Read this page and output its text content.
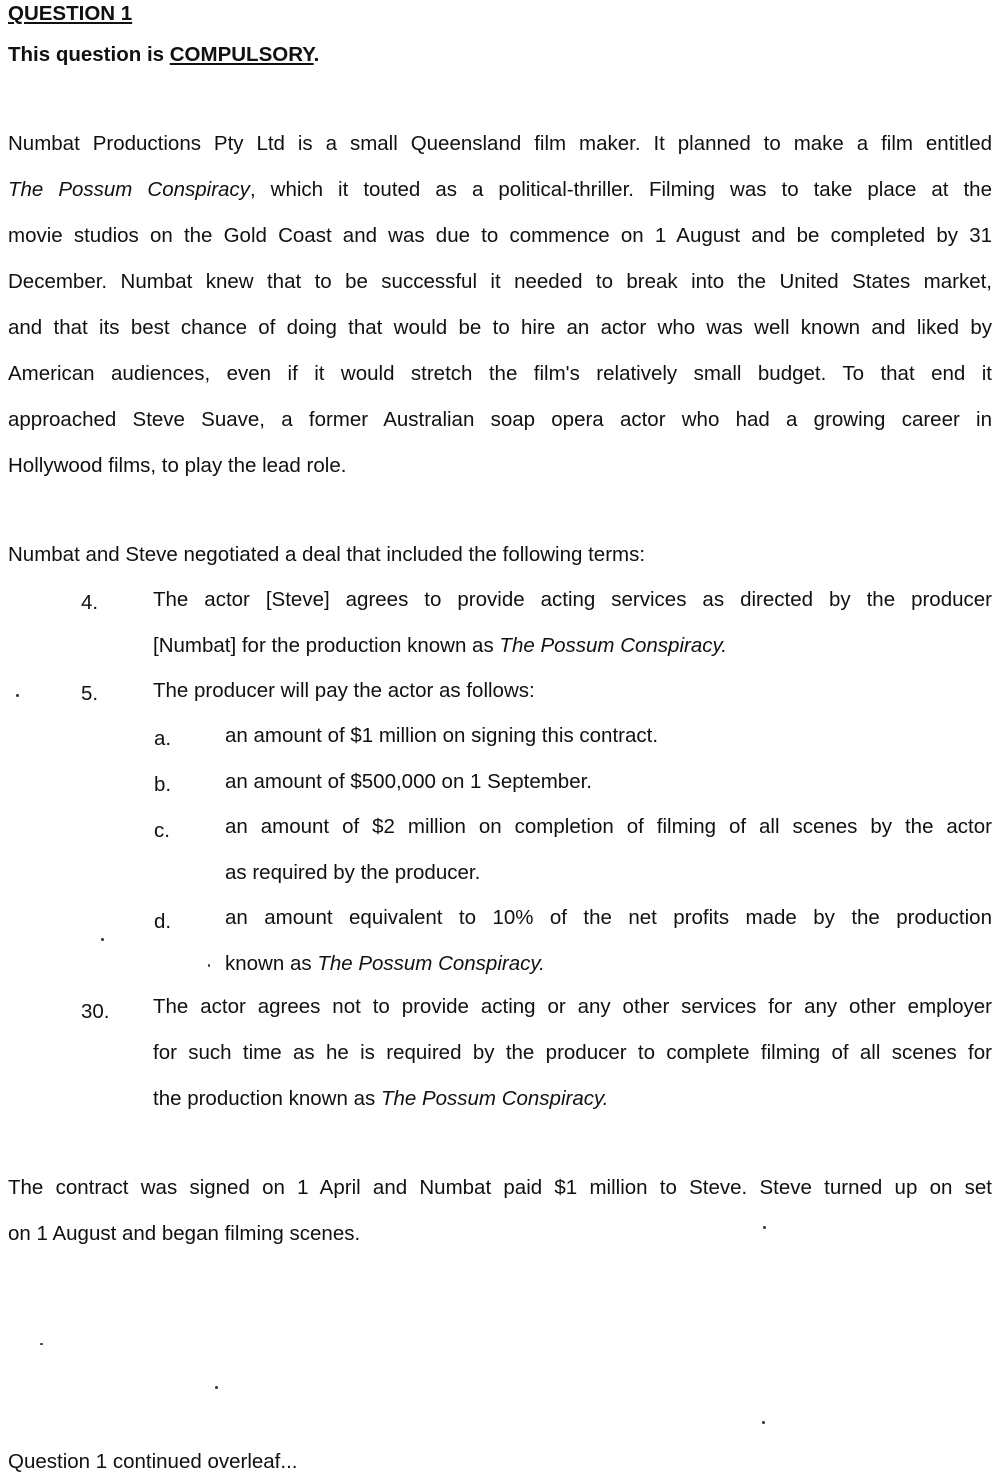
QUESTION 1
This question is COMPULSORY.
Numbat Productions Pty Ltd is a small Queensland film maker. It planned to make a film entitled
The Possum Conspiracy, which it touted as a political-thriller. Filming was to take place at the
movie studios on the Gold Coast and was due to commence on 1 August and be completed by 31
December. Numbat knew that to be successful it needed to break into the United States market,
and that its best chance of doing that would be to hire an actor who was well known and liked by
American audiences, even if it would stretch the film's relatively small budget. To that end it
approached Steve Suave, a former Australian soap opera actor who had a growing career in
Hollywood films, to play the lead role.
Numbat and Steve negotiated a deal that included the following terms:
4.	The actor [Steve] agrees to provide acting services as directed by the producer
[Numbat] for the production known as The Possum Conspiracy.
5.	The producer will pay the actor as follows:
a.	an amount of $1 million on signing this contract.
b.	an amount of $500,000 on 1 September.
c.	an amount of $2 million on completion of filming of all scenes by the actor
as required by the producer.
d.	an amount equivalent to 10% of the net profits made by the production
known as The Possum Conspiracy.
30. The actor agrees not to provide acting or any other services for any other employer
for such time as he is required by the producer to complete filming of all scenes for
the production known as The Possum Conspiracy.
The contract was signed on 1 April and Numbat paid $1 million to Steve. Steve turned up on set
on 1 August and began filming scenes.
Question 1 continued overleaf...
